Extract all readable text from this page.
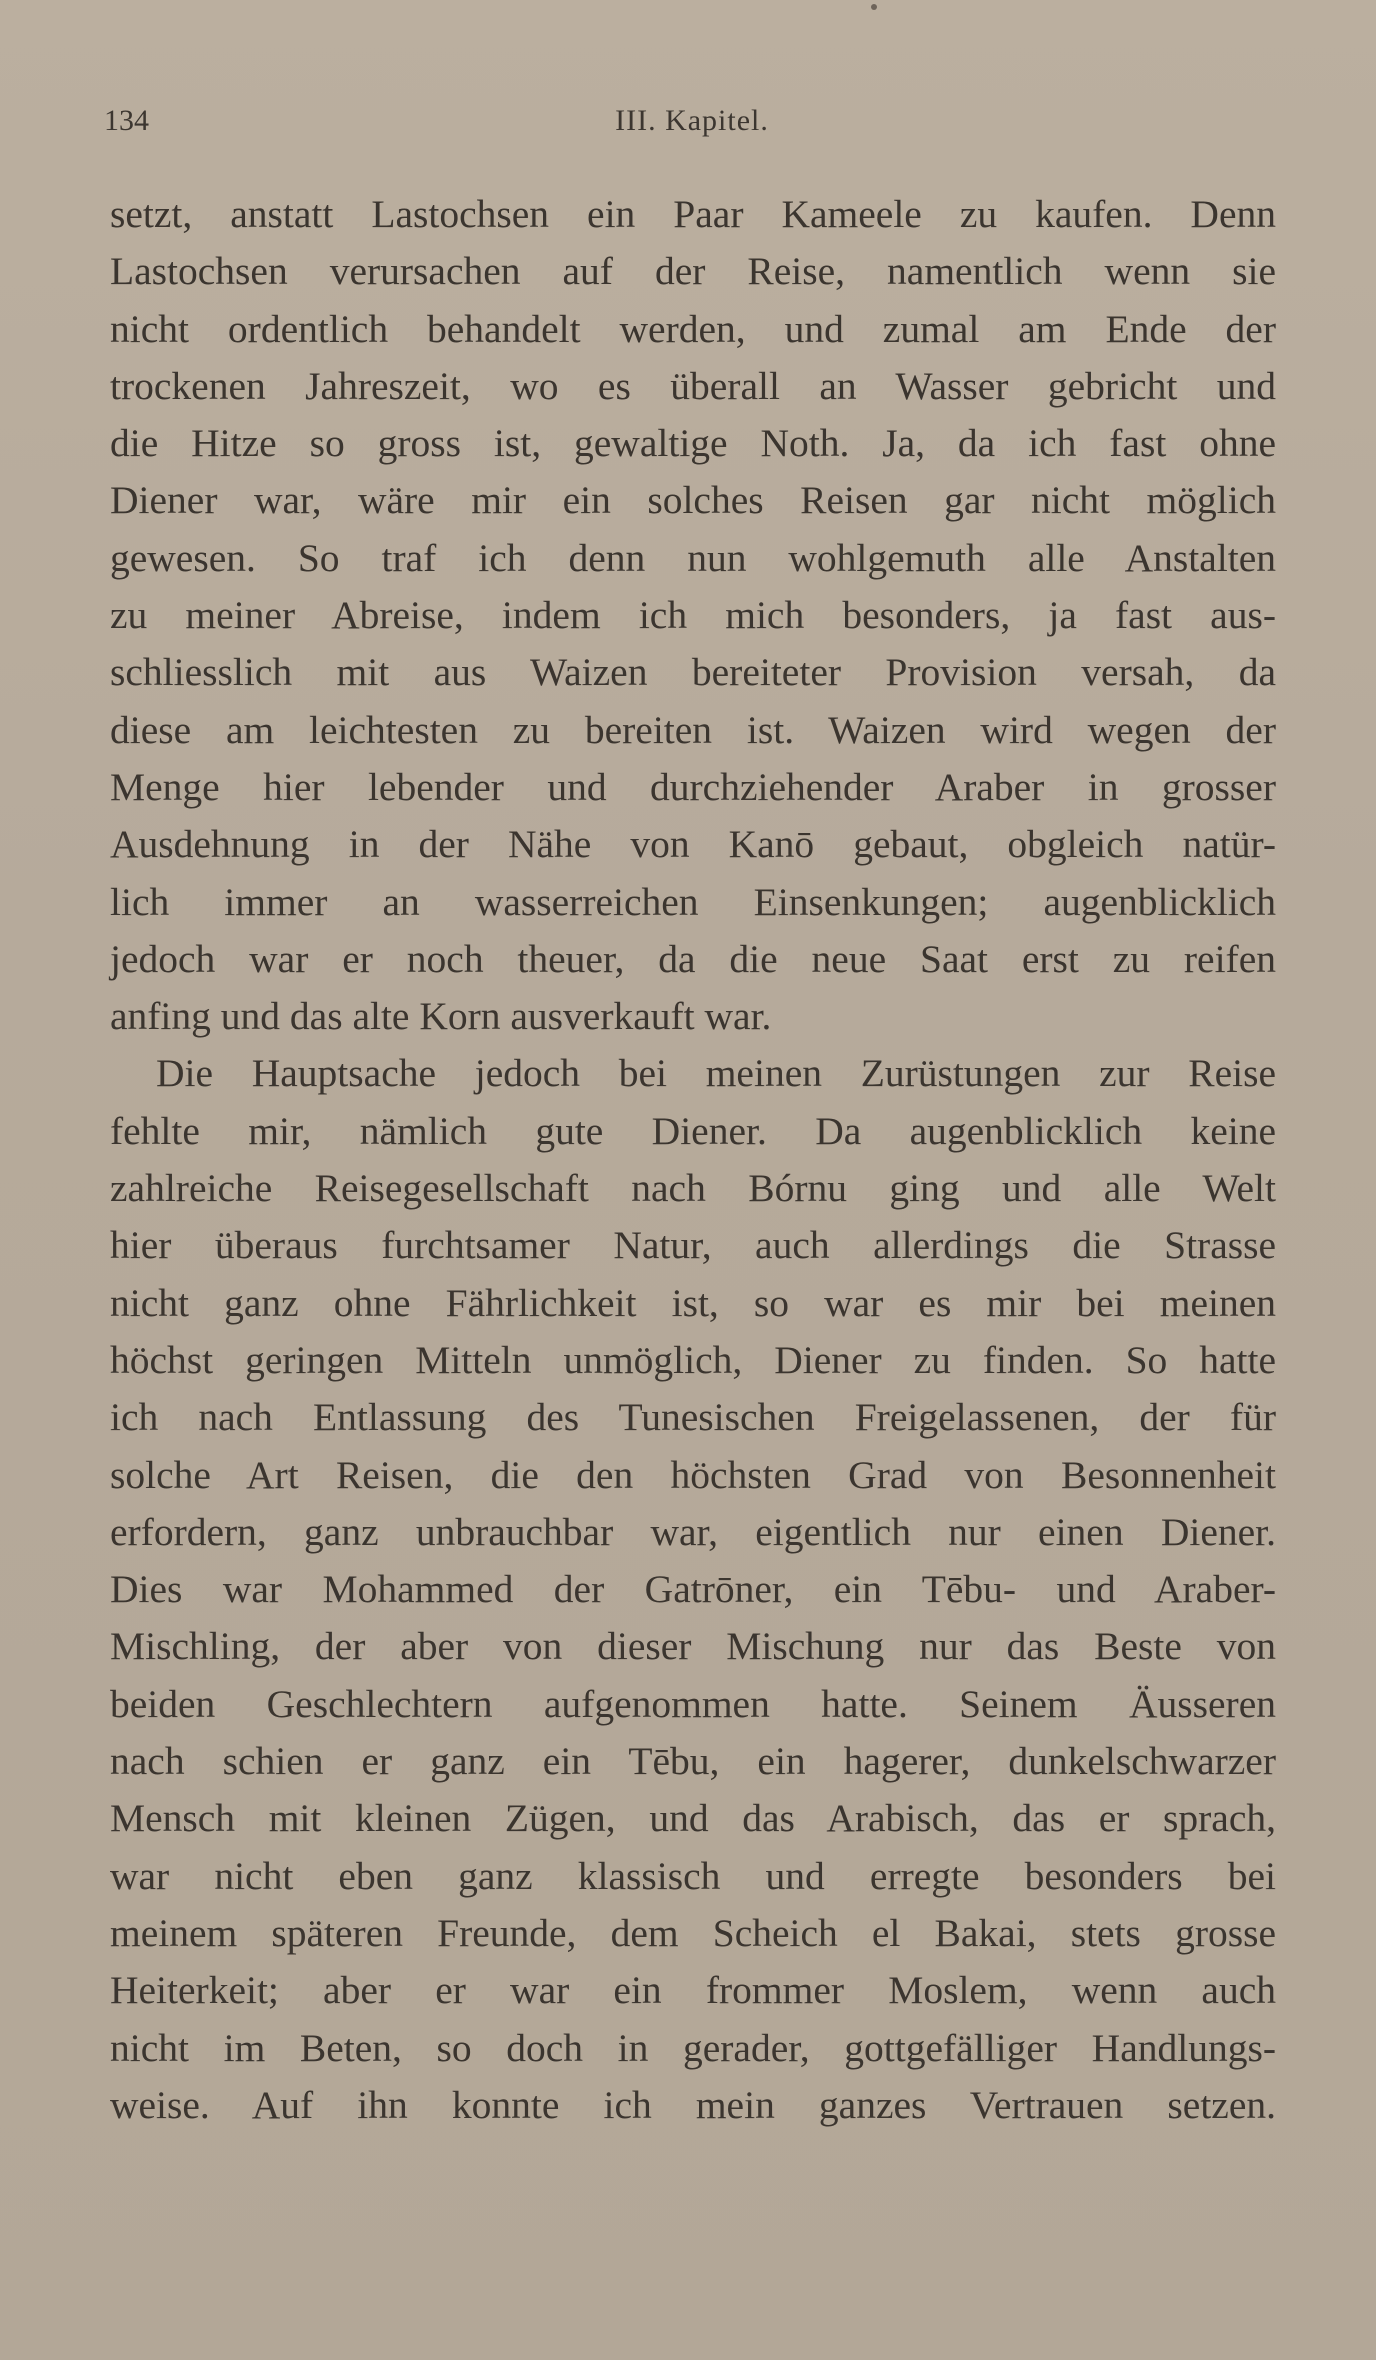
134	III. Kapitel.
setzt, anstatt Lastochsen ein Paar Kameele zu kaufen. Denn
Lastochsen verursachen auf der Reise, namentlich wenn sie
nicht ordentlich behandelt werden, und zumal am Ende der
trockenen Jahreszeit, wo es überall an Wasser gebricht und
die Hitze so gross ist, gewaltige Noth. Ja, da ich fast ohne
Diener war, wäre mir ein solches Reisen gar nicht möglich
gewesen. So traf ich denn nun wohlgemuth alle Anstalten
zu meiner Abreise, indem ich mich besonders, ja fast aus-
schliesslich mit aus Waizen bereiteter Provision versah, da
diese am leichtesten zu bereiten ist. Waizen wird wegen der
Menge hier lebender und durchziehender Araber in grosser
Ausdehnung in der Nähe von Kanō gebaut, obgleich natür-
lich immer an wasserreichen Einsenkungen; augenblicklich
jedoch war er noch theuer, da die neue Saat erst zu reifen
anfing und das alte Korn ausverkauft war.
Die Hauptsache jedoch bei meinen Zurüstungen zur Reise
fehlte mir, nämlich gute Diener. Da augenblicklich keine
zahlreiche Reisegesellschaft nach Bórnu ging und alle Welt
hier überaus furchtsamer Natur, auch allerdings die Strasse
nicht ganz ohne Fährlichkeit ist, so war es mir bei meinen
höchst geringen Mitteln unmöglich, Diener zu finden. So hatte
ich nach Entlassung des Tunesischen Freigelassenen, der für
solche Art Reisen, die den höchsten Grad von Besonnenheit
erfordern, ganz unbrauchbar war, eigentlich nur einen Diener.
Dies war Mohammed der Gatrōner, ein Tēbu- und Araber-
Mischling, der aber von dieser Mischung nur das Beste von
beiden Geschlechtern aufgenommen hatte. Seinem Äusseren
nach schien er ganz ein Tēbu, ein hagerer, dunkelschwarzer
Mensch mit kleinen Zügen, und das Arabisch, das er sprach,
war nicht eben ganz klassisch und erregte besonders bei
meinem späteren Freunde, dem Scheich el Bakai, stets grosse
Heiterkeit; aber er war ein frommer Moslem, wenn auch
nicht im Beten, so doch in gerader, gottgefälliger Handlungs-
weise. Auf ihn konnte ich mein ganzes Vertrauen setzen.
